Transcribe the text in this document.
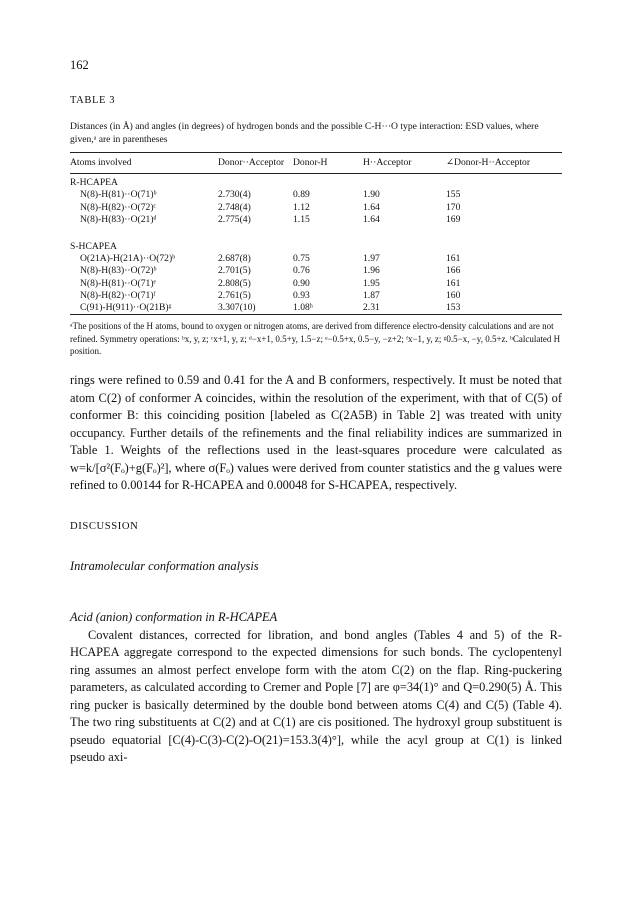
162
TABLE 3
Distances (in Å) and angles (in degrees) of hydrogen bonds and the possible C-H···O type interaction: ESD values, where given,ᵃ are in parentheses
Atoms involved	Donor··Acceptor	Donor-H	H··Acceptor	∠Donor-H··Acceptor

R-HCAPEA				
N(8)-H(81)··O(71)ᵇ	2.730(4)	0.89	1.90	155
N(8)-H(82)··O(72)ᶜ	2.748(4)	1.12	1.64	170
N(8)-H(83)··O(21)ᵈ	2.775(4)	1.15	1.64	169

S-HCAPEA				
O(21A)-H(21A)··O(72)ᵇ	2.687(8)	0.75	1.97	161
N(8)-H(83)··O(72)ᵇ	2.701(5)	0.76	1.96	166
N(8)-H(81)··O(71)ᵉ	2.808(5)	0.90	1.95	161
N(8)-H(82)··O(71)ᶠ	2.761(5)	0.93	1.87	160
C(91)-H(911)··O(21B)ᵍ	3.307(10)	1.08ʰ	2.31	153
ᵃThe positions of the H atoms, bound to oxygen or nitrogen atoms, are derived from difference electro-density calculations and are not refined. Symmetry operations: ᵇx, y, z; ᶜx+1, y, z; ᵈ−x+1, 0.5+y, 1.5−z; ᵉ−0.5+x, 0.5−y, −z+2; ᶠx−1, y, z; ᵍ0.5−x, −y, 0.5+z. ʰCalculated H position.

rings were refined to 0.59 and 0.41 for the A and B conformers, respectively. It must be noted that atom C(2) of conformer A coincides, within the resolution of the experiment, with that of C(5) of conformer B: this coinciding position [labeled as C(2A5B) in Table 2] was treated with unity occupancy. Further details of the refinements and the final reliability indices are summarized in Table 1. Weights of the reflections used in the least-squares procedure were calculated as w=k/[σ²(Fₒ)+g(Fₒ)²], where σ(Fₒ) values were derived from counter statistics and the g values were refined to 0.00144 for R-HCAPEA and 0.00048 for S-HCAPEA, respectively.

DISCUSSION
Intramolecular conformation analysis
Acid (anion) conformation in R-HCAPEA

Covalent distances, corrected for libration, and bond angles (Tables 4 and 5) of the R-HCAPEA aggregate correspond to the expected dimensions for such bonds. The cyclopentenyl ring assumes an almost perfect envelope form with the atom C(2) on the flap. Ring-puckering parameters, as calculated according to Cremer and Pople [7] are φ=34(1)° and Q=0.290(5) Å. This ring pucker is basically determined by the double bond between atoms C(4) and C(5) (Table 4). The two ring substituents at C(2) and at C(1) are cis positioned. The hydroxyl group substituent is pseudo equatorial [C(4)-C(3)-C(2)-O(21)=153.3(4)°], while the acyl group at C(1) is linked pseudo axi-
